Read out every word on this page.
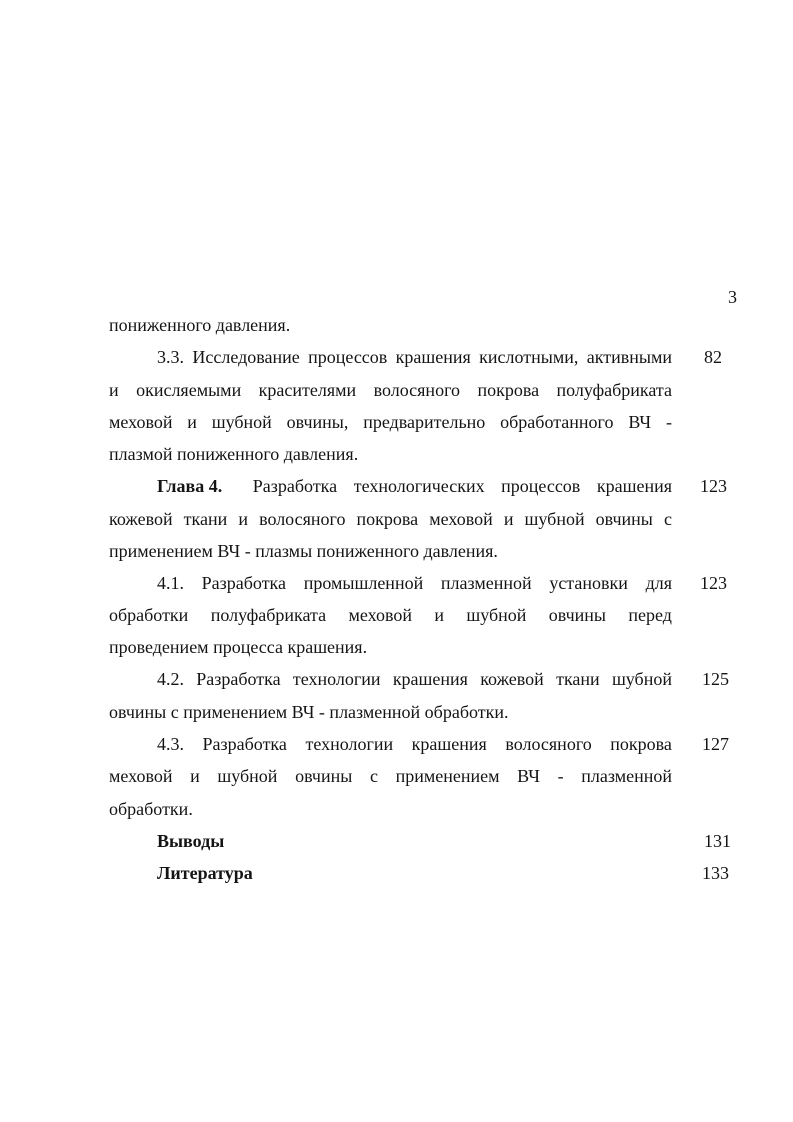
3
пониженного давления.
3.3. Исследование процессов крашения кислотными, активными 82
и окисляемыми красителями волосяного покрова полуфабриката
меховой и шубной овчины, предварительно обработанного ВЧ -
плазмой пониженного давления.
Глава 4. Разработка технологических процессов крашения 123
кожевой ткани и волосяного покрова меховой и шубной овчины с
применением ВЧ - плазмы пониженного давления.
4.1. Разработка промышленной плазменной установки для 123
обработки полуфабриката меховой и шубной овчины перед
проведением процесса крашения.
4.2. Разработка технологии крашения кожевой ткани шубной 125
овчины с применением ВЧ - плазменной обработки.
4.3. Разработка технологии крашения волосяного покрова 127
меховой и шубной овчины с применением ВЧ - плазменной
обработки.
Выводы	131
Литература	133
